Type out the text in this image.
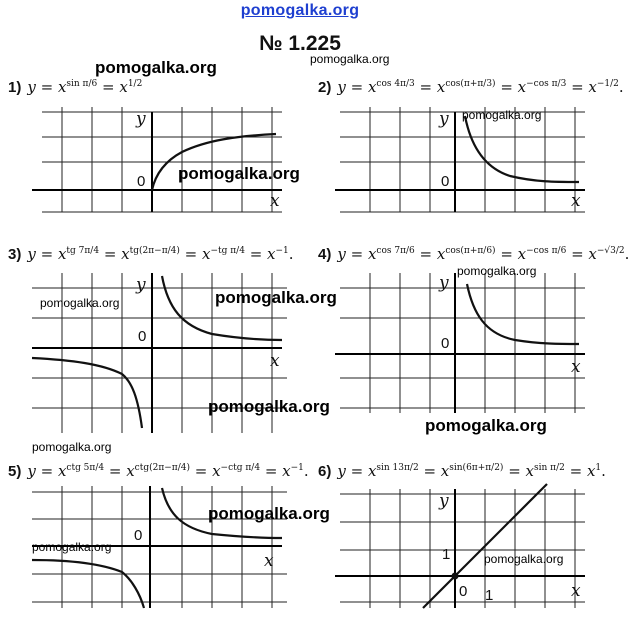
pomogalka.org
№ 1.225
1) $y = x^{sin \pi/6} = x^{1/2}$	2) $y = x^{cos 4\pi/3} = x^{cos(\pi+\pi/3)} = x^{-cos \pi/3} = x^{-1/2}$.
3) $y = x^{tg 7\pi/4} = x^{tg(2\pi-\pi/4)} = x^{-tg \pi/4} = x^{-1}$. 4) $y = x^{cos 7\pi/6} = x^{cos(\pi+\pi/6)} = x^{-cos \pi/6} = x^{-√3/2}$.
5) $y = x^{ctg 5\pi/4} = x^{ctg(2\pi-\pi/4)} = x^{-ctg \pi/4} = x^{-1}$. 6) $y = x^{sin 13\pi/2} = x^{sin(6\pi+\pi/2)} = x^{sin \pi/2} = x^1$.
y
x
0
y
x
0
y
x
0
y
x
0
x
0
y
x
1
0 1
pomogalka.org	pomogalka.org
pomogalka.org
pomogalka.org
pomogalka.org
pomogalka.org
pomogalka.org
pomogalka.org
pomogalka.org
pomogalka.org
pomogalka.org
pomogalka.org
pomogalka.org
